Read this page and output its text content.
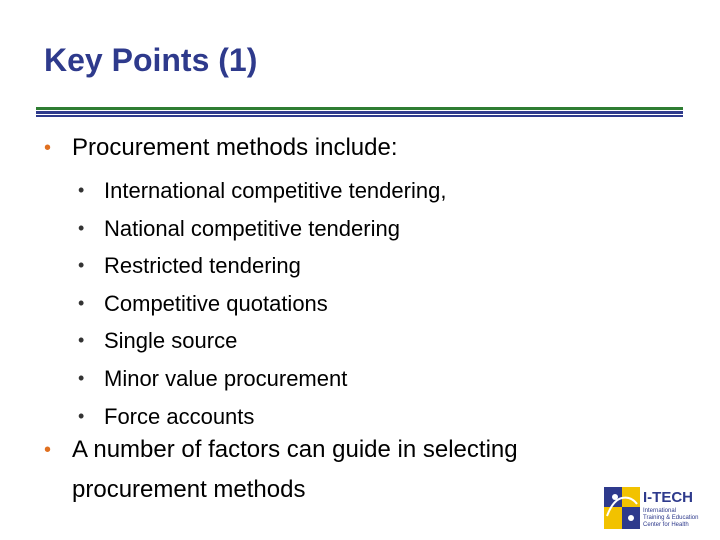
Key Points (1)
• Procurement methods include:
• International competitive tendering,
• National competitive tendering
• Restricted tendering
• Competitive quotations
• Single source
• Minor value procurement
• Force accounts
• A number of factors can guide in selecting
procurement methods	I-TECH
International
Training & Education
Center for Health
